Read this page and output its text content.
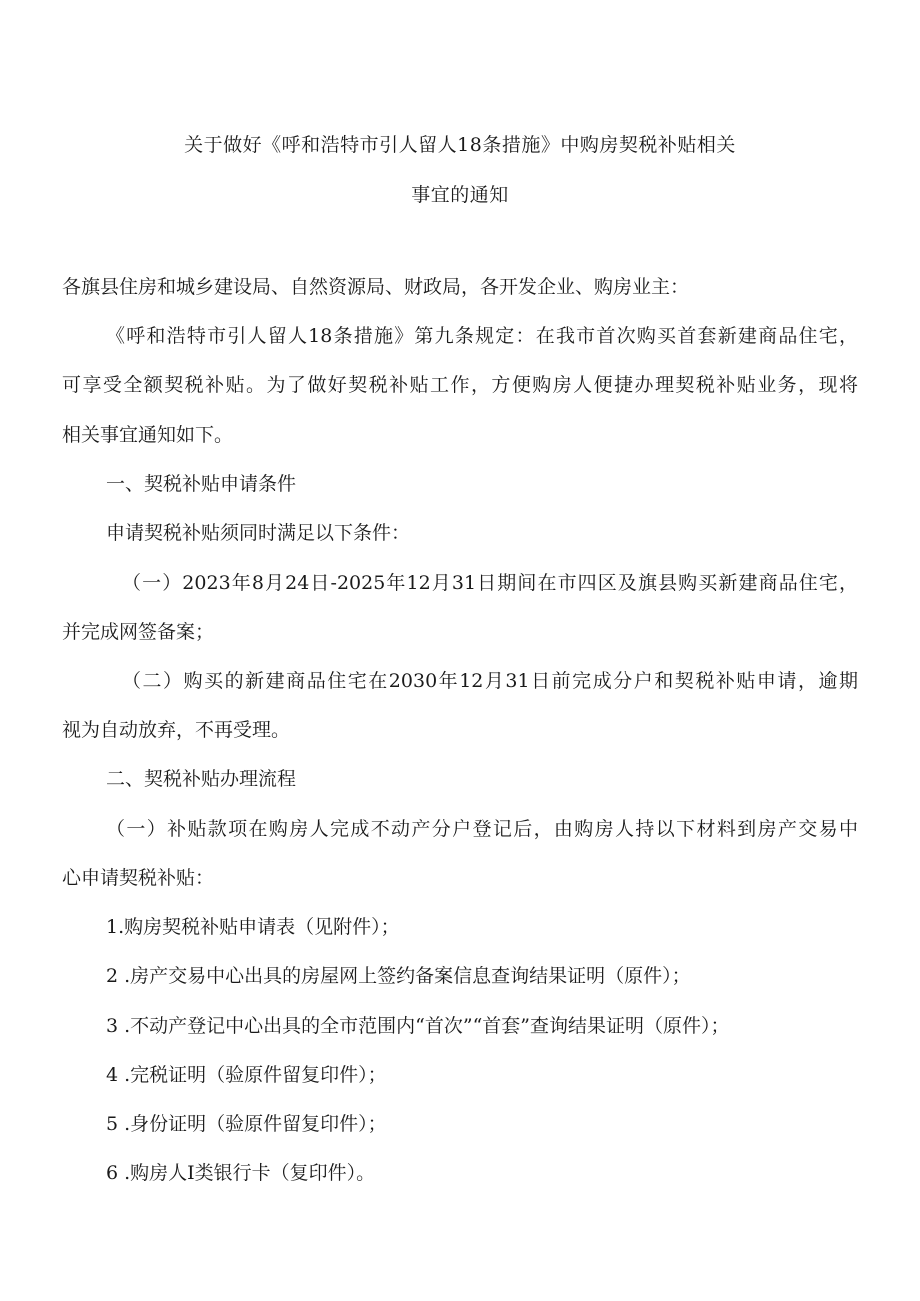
关于做好《呼和浩特市引人留人18条措施》中购房契税补贴相关
事宜的通知
各旗县住房和城乡建设局、自然资源局、财政局，各开发企业、购房业主：
《呼和浩特市引人留人18条措施》第九条规定：在我市首次购买首套新建商品住宅，
可享受全额契税补贴。为了做好契税补贴工作，方便购房人便捷办理契税补贴业务，现将
相关事宜通知如下。
一、契税补贴申请条件
申请契税补贴须同时满足以下条件：
（一）2023年8月24日-2025年12月31日期间在市四区及旗县购买新建商品住宅，
并完成网签备案；
（二）购买的新建商品住宅在2030年12月31日前完成分户和契税补贴申请，逾期
视为自动放弃，不再受理。
二、契税补贴办理流程
（一）补贴款项在购房人完成不动产分户登记后，由购房人持以下材料到房产交易中
心申请契税补贴：
1.购房契税补贴申请表（见附件）；
2 .房产交易中心出具的房屋网上签约备案信息查询结果证明（原件）；
3 .不动产登记中心出具的全市范围内“首次”“首套”查询结果证明（原件）；
4 .完税证明（验原件留复印件）；
5 .身份证明（验原件留复印件）；
6 .购房人I类银行卡（复印件）。
